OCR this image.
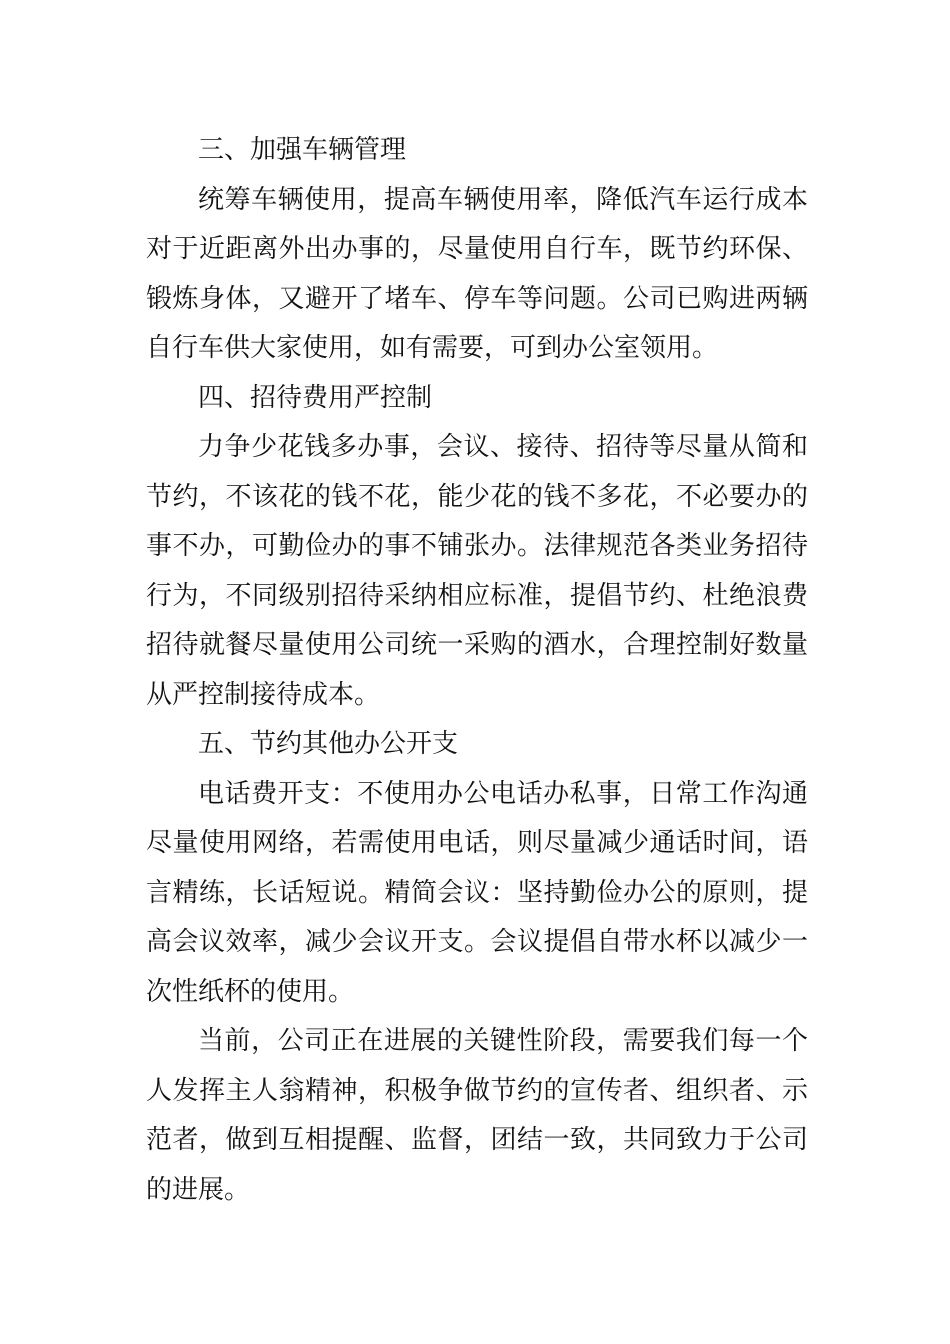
三、加强车辆管理

统筹车辆使用，提高车辆使用率，降低汽车运行成本 对于近距离外出办事的，尽量使用自行车，既节约环保、锻炼身体，又避开了堵车、停车等问题。公司已购进两辆自行车供大家使用，如有需要，可到办公室领用。

四、招待费用严控制

力争少花钱多办事，会议、接待、招待等尽量从简和节约，不该花的钱不花，能少花的钱不多花，不必要办的事不办，可勤俭办的事不铺张办。法律规范各类业务招待行为，不同级别招待采纳相应标准，提倡节约、杜绝浪费招待就餐尽量使用公司统一采购的酒水，合理控制好数量从严控制接待成本。

五、节约其他办公开支

电话费开支：不使用办公电话办私事，日常工作沟通尽量使用网络，若需使用电话，则尽量减少通话时间，语言精练，长话短说。精简会议：坚持勤俭办公的原则，提高会议效率，减少会议开支。会议提倡自带水杯以减少一次性纸杯的使用。

当前，公司正在进展的关键性阶段，需要我们每一个人发挥主人翁精神，积极争做节约的宣传者、组织者、示范者，做到互相提醒、监督，团结一致，共同致力于公司的进展。
